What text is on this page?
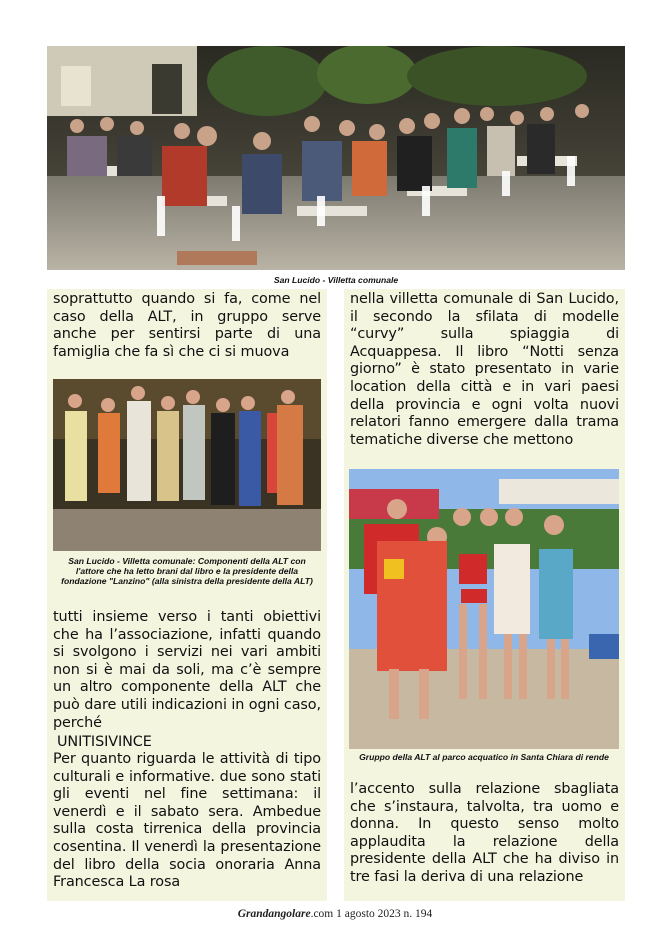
San Lucido - Villetta comunale

soprattutto quando si fa, come nel caso della ALT, in gruppo serve anche per sentirsi parte di una famiglia che fa sì che ci si muova

San Lucido - Villetta comunale: Componenti della ALT con l'attore che ha letto brani dal libro e la presidente della fondazione "Lanzino" (alla sinistra della presidente della ALT)

tutti insieme verso i tanti obiettivi che ha l’associazione, infatti quando si svolgono i servizi nei vari ambiti non si è mai da soli, ma c’è sempre un altro componente della ALT che può dare utili indicazioni in ogni caso, perché

UNITISIVINCE

Per quanto riguarda le attività di tipo culturali e informative. due sono stati gli eventi nel fine settimana: il venerdì e il sabato sera. Ambedue sulla costa tirrenica della provincia cosentina. Il venerdì la presentazione del libro della socia onoraria Anna Francesca La rosa

nella villetta comunale di San Lucido, il secondo la sfilata di modelle “curvy” sulla spiaggia di Acquappesa. Il libro “Notti senza giorno” è stato presentato in varie location della città e in vari paesi della provincia e ogni volta nuovi relatori fanno emergere dalla trama tematiche diverse che mettono

Gruppo della ALT al parco acquatico in Santa Chiara di rende

l’accento sulla relazione sbagliata che s’instaura, talvolta, tra uomo e donna. In questo senso molto applaudita la relazione della presidente della ALT che ha diviso in tre fasi la deriva di una relazione

Grandangolare.com 1 agosto 2023 n. 194
